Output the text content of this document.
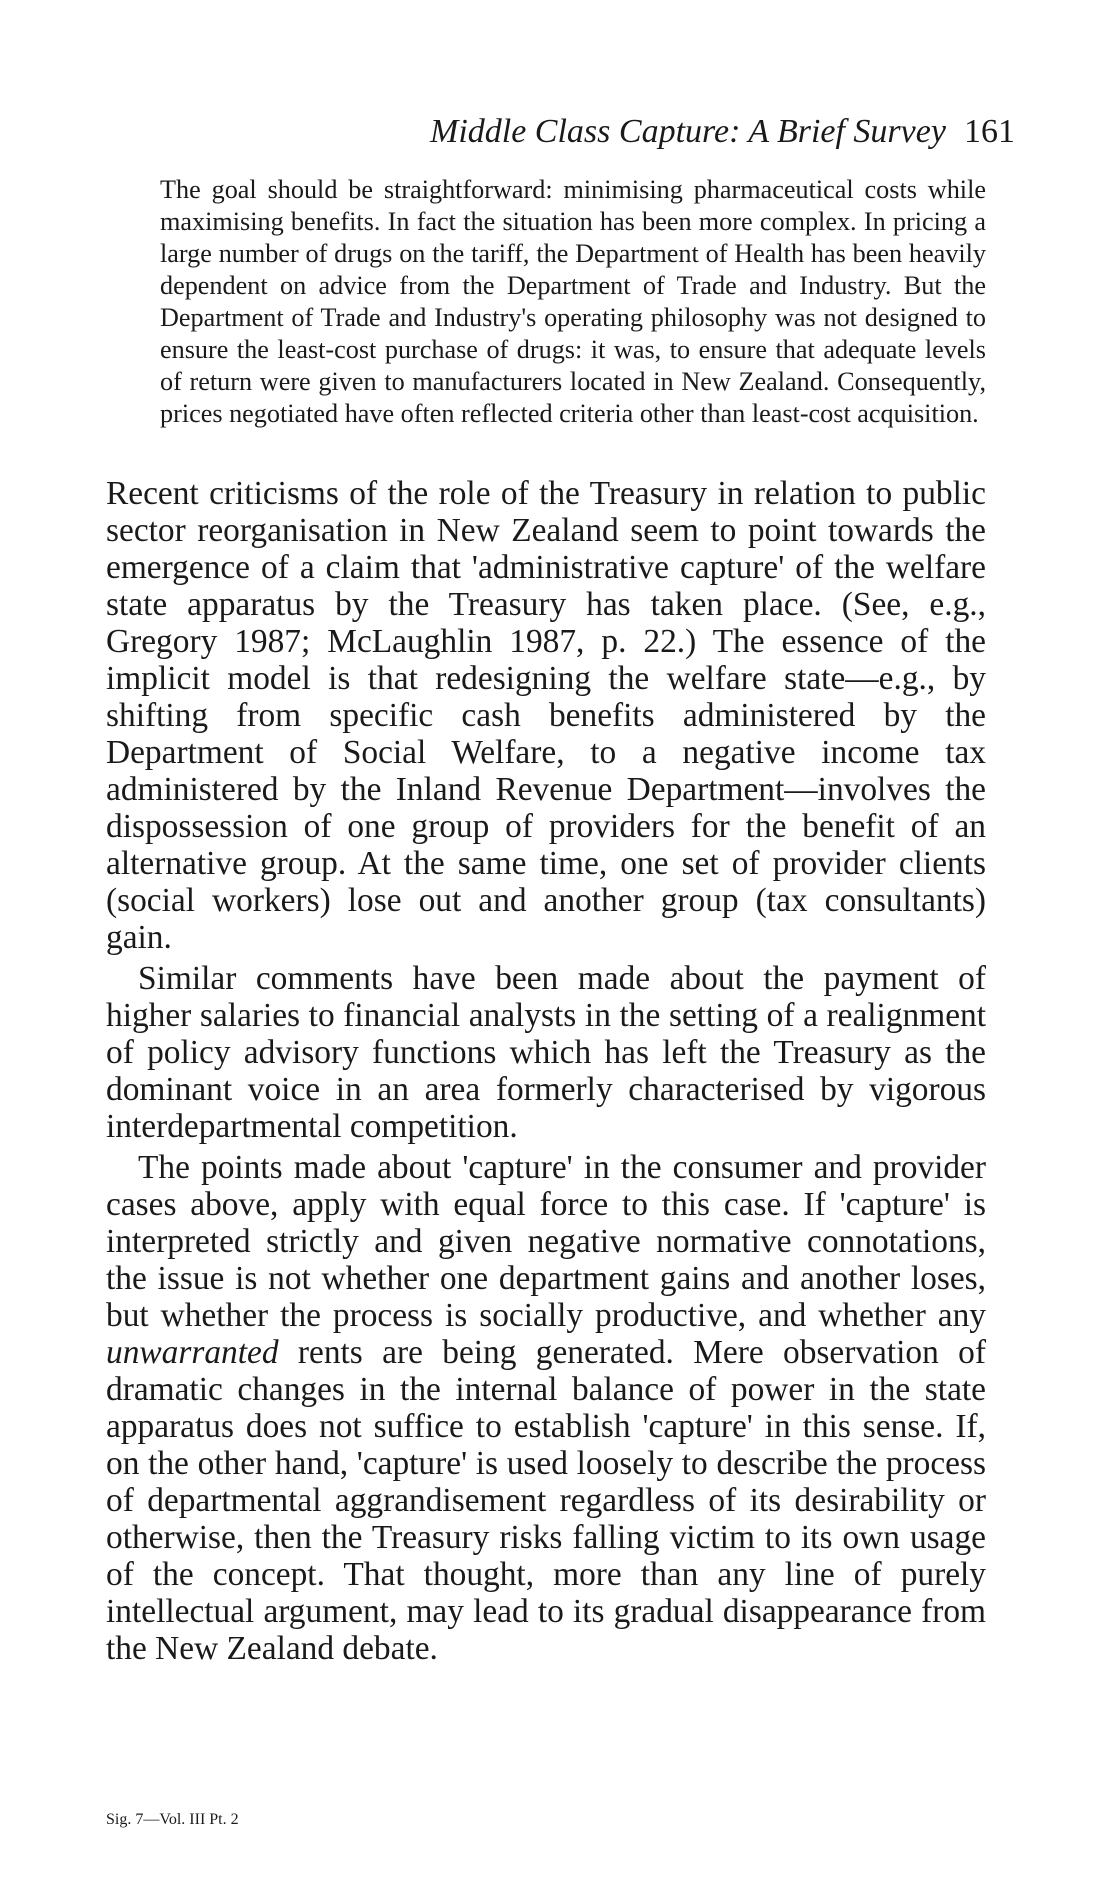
Middle Class Capture: A Brief Survey 161

The goal should be straightforward: minimising pharmaceutical costs while maximising benefits. In fact the situation has been more complex. In pricing a large number of drugs on the tariff, the Department of Health has been heavily dependent on advice from the Department of Trade and Industry. But the Department of Trade and Industry's operating philosophy was not designed to ensure the least-cost purchase of drugs: it was, to ensure that adequate levels of return were given to manufacturers located in New Zealand. Consequently, prices negotiated have often reflected criteria other than least-cost acquisition.

Recent criticisms of the role of the Treasury in relation to public sector reorganisation in New Zealand seem to point towards the emergence of a claim that 'administrative capture' of the welfare state apparatus by the Treasury has taken place. (See, e.g., Gregory 1987; McLaughlin 1987, p. 22.) The essence of the implicit model is that redesigning the welfare state—e.g., by shifting from specific cash benefits administered by the Department of Social Welfare, to a negative income tax administered by the Inland Revenue Department—involves the dispossession of one group of providers for the benefit of an alternative group. At the same time, one set of provider clients (social workers) lose out and another group (tax consultants) gain.

Similar comments have been made about the payment of higher salaries to financial analysts in the setting of a realignment of policy advisory functions which has left the Treasury as the dominant voice in an area formerly characterised by vigorous interdepartmental competition.

The points made about 'capture' in the consumer and provider cases above, apply with equal force to this case. If 'capture' is interpreted strictly and given negative normative connotations, the issue is not whether one department gains and another loses, but whether the process is socially productive, and whether any unwarranted rents are being generated. Mere observation of dramatic changes in the internal balance of power in the state apparatus does not suffice to establish 'capture' in this sense. If, on the other hand, 'capture' is used loosely to describe the process of departmental aggrandisement regardless of its desirability or otherwise, then the Treasury risks falling victim to its own usage of the concept. That thought, more than any line of purely intellectual argument, may lead to its gradual disappearance from the New Zealand debate.

Sig. 7—Vol. III Pt. 2
